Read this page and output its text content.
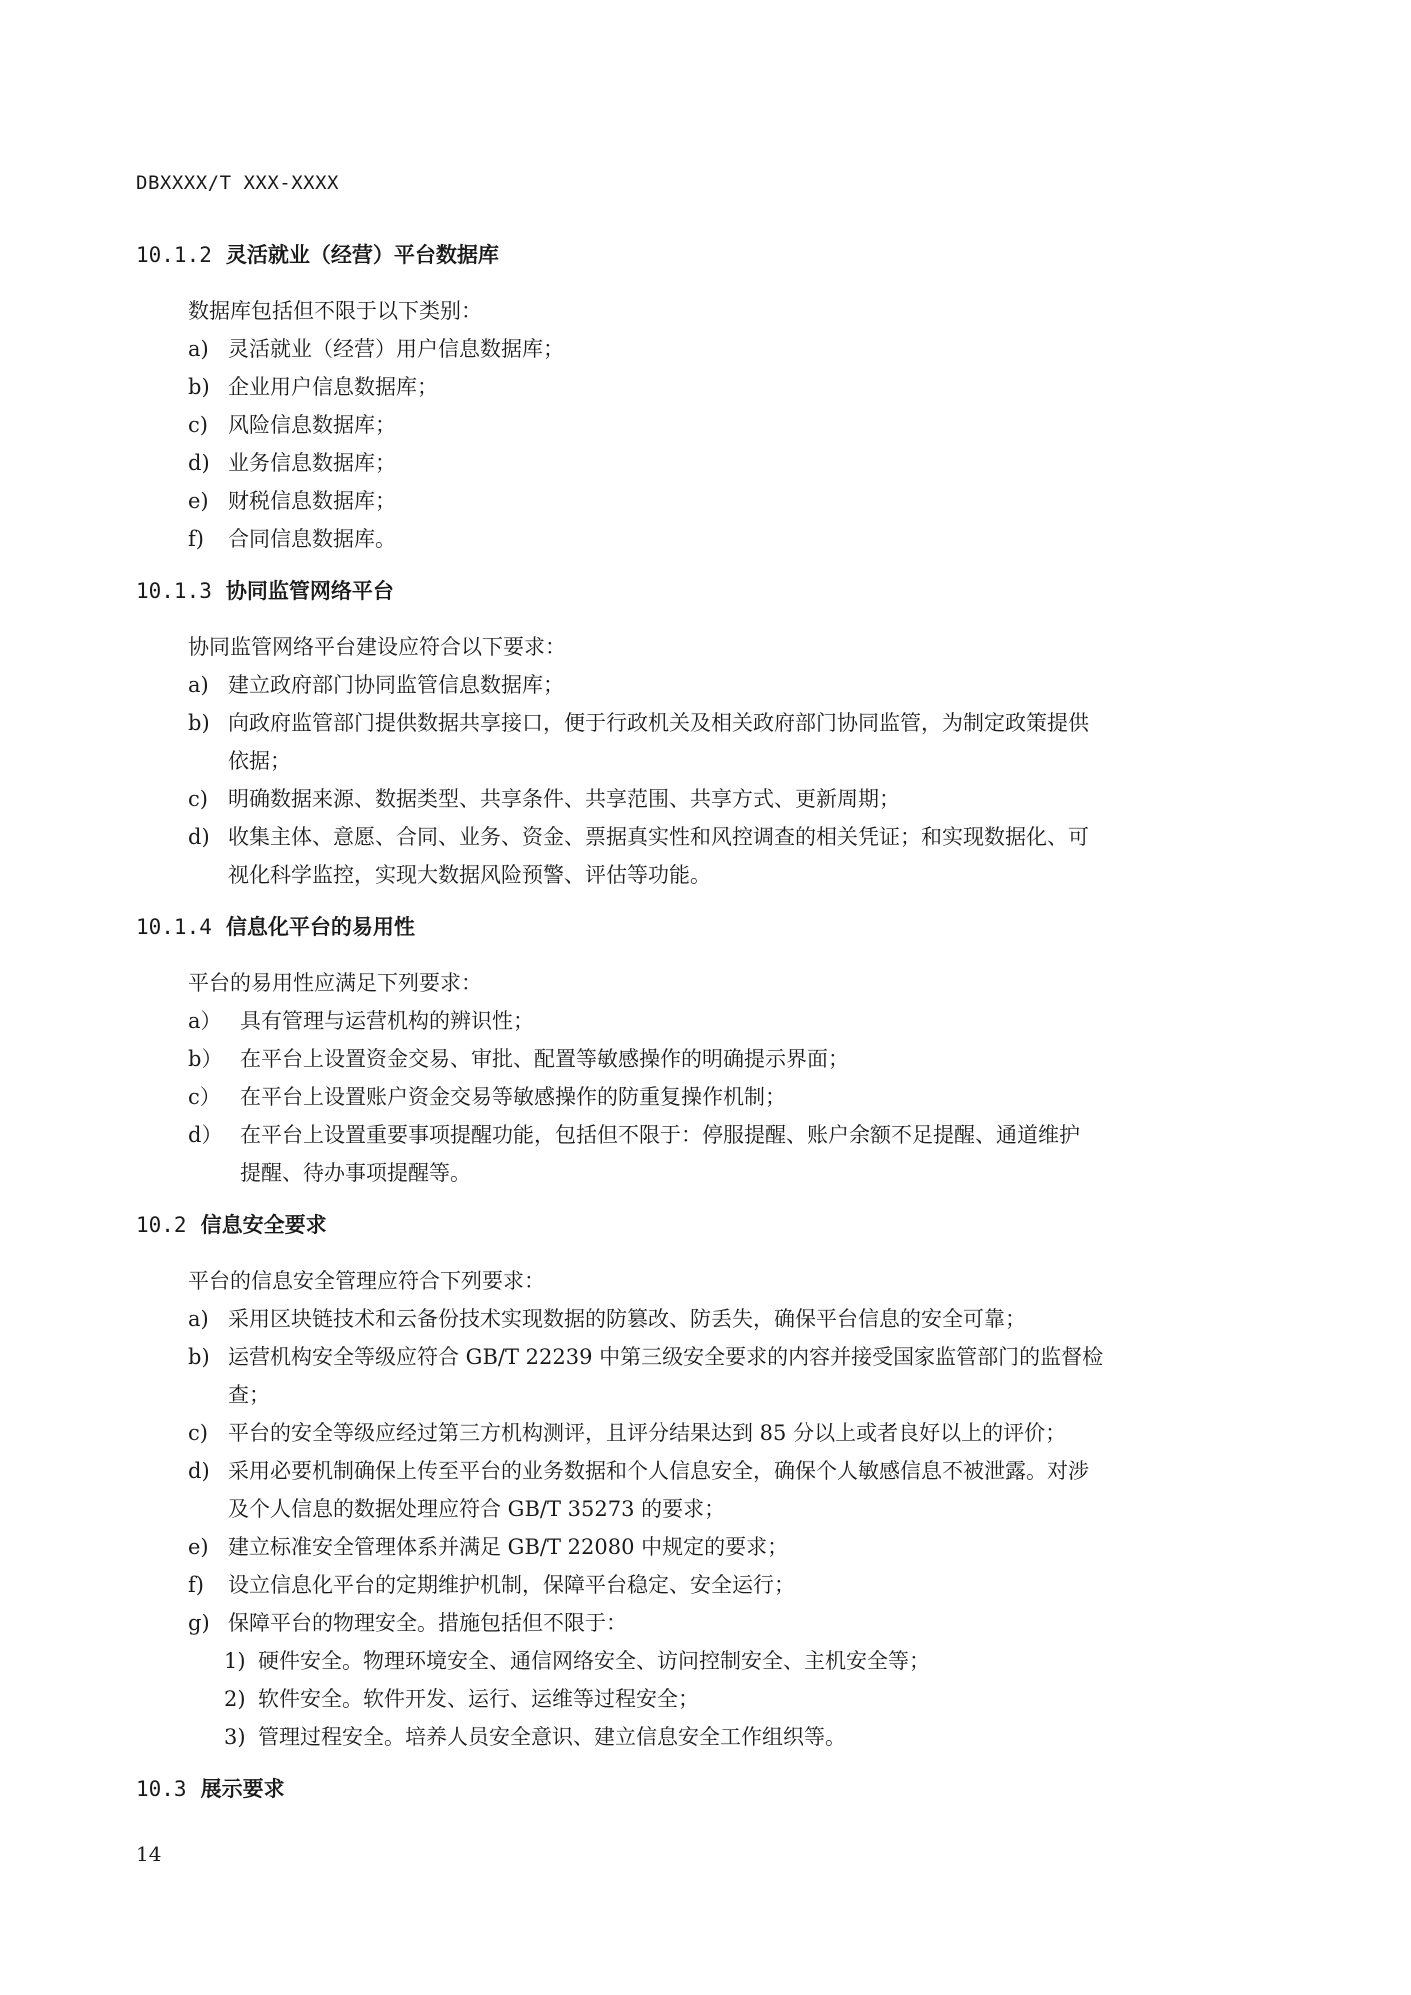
DBXXXX/T XXX-XXXX
10.1.2 灵活就业（经营）平台数据库
数据库包括但不限于以下类别：
a) 灵活就业（经营）用户信息数据库；
b) 企业用户信息数据库；
c) 风险信息数据库；
d) 业务信息数据库；
e) 财税信息数据库；
f) 合同信息数据库。
10.1.3 协同监管网络平台
协同监管网络平台建设应符合以下要求：
a) 建立政府部门协同监管信息数据库；
b) 向政府监管部门提供数据共享接口，便于行政机关及相关政府部门协同监管，为制定政策提供
依据；
c) 明确数据来源、数据类型、共享条件、共享范围、共享方式、更新周期；
d) 收集主体、意愿、合同、业务、资金、票据真实性和风控调查的相关凭证；和实现数据化、可
视化科学监控，实现大数据风险预警、评估等功能。
10.1.4 信息化平台的易用性
平台的易用性应满足下列要求：
a） 具有管理与运营机构的辨识性；
b） 在平台上设置资金交易、审批、配置等敏感操作的明确提示界面；
c） 在平台上设置账户资金交易等敏感操作的防重复操作机制；
d） 在平台上设置重要事项提醒功能，包括但不限于：停服提醒、账户余额不足提醒、通道维护
提醒、待办事项提醒等。
10.2 信息安全要求
平台的信息安全管理应符合下列要求：
a) 采用区块链技术和云备份技术实现数据的防篡改、防丢失，确保平台信息的安全可靠；
b) 运营机构安全等级应符合 GB/T 22239 中第三级安全要求的内容并接受国家监管部门的监督检
查；
c) 平台的安全等级应经过第三方机构测评，且评分结果达到 85 分以上或者良好以上的评价；
d) 采用必要机制确保上传至平台的业务数据和个人信息安全，确保个人敏感信息不被泄露。对涉
及个人信息的数据处理应符合 GB/T 35273 的要求；
e) 建立标准安全管理体系并满足 GB/T 22080 中规定的要求；
f) 设立信息化平台的定期维护机制，保障平台稳定、安全运行；
g) 保障平台的物理安全。措施包括但不限于：
1) 硬件安全。物理环境安全、通信网络安全、访问控制安全、主机安全等；
2) 软件安全。软件开发、运行、运维等过程安全；
3) 管理过程安全。培养人员安全意识、建立信息安全工作组织等。
10.3 展示要求
14
